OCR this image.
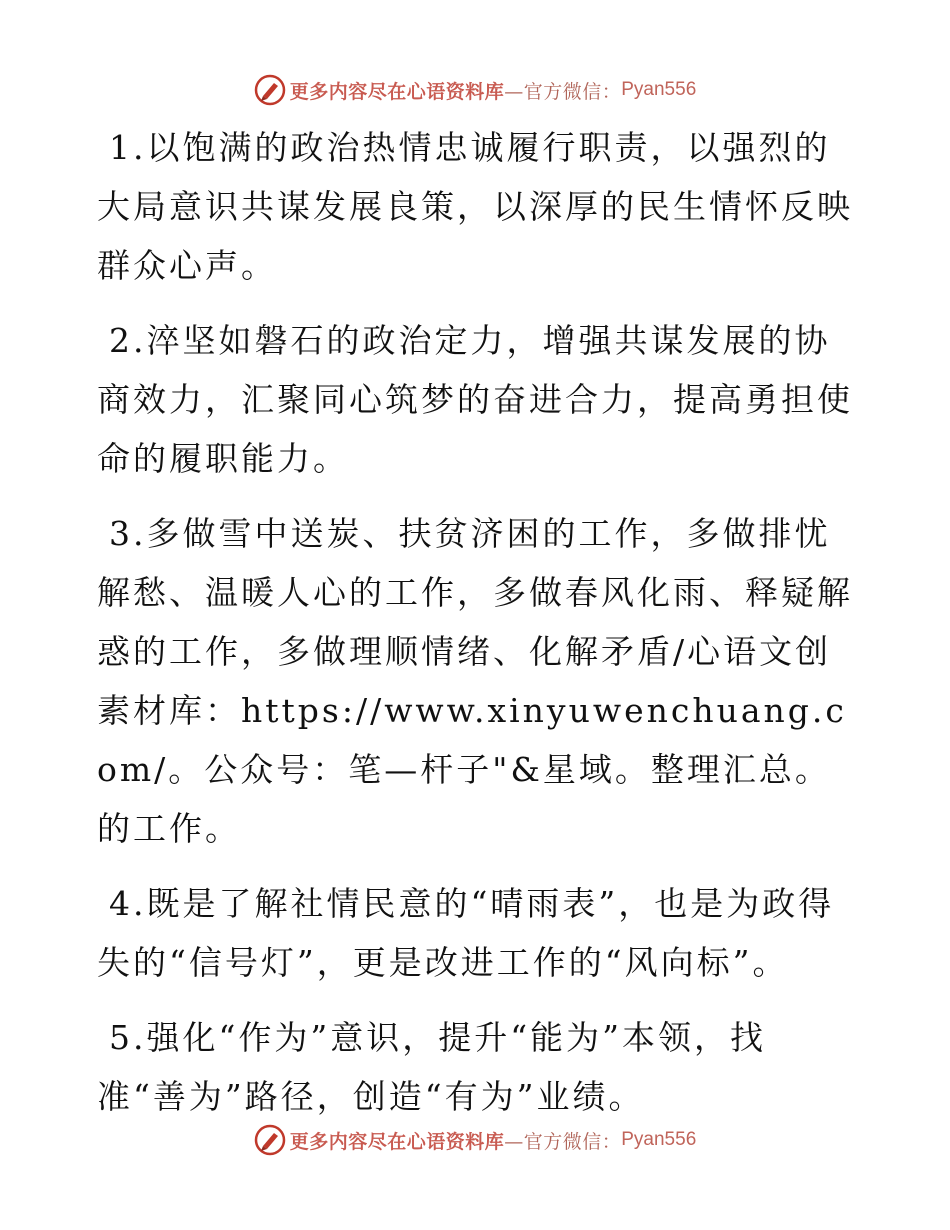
更多内容尽在心语资料库 —官方微信： Pyan556

1.以饱满的政治热情忠诚履行职责，以强烈的大局意识共谋发展良策，以深厚的民生情怀反映群众心声。

2.淬坚如磐石的政治定力，增强共谋发展的协商效力，汇聚同心筑梦的奋进合力，提高勇担使命的履职能力。

3.多做雪中送炭、扶贫济困的工作，多做排忧解愁、温暖人心的工作，多做春风化雨、释疑解惑的工作，多做理顺情绪、化解矛盾/心语文创素材库：https://www.xinyuwenchuang.com/。公众号：笔—杆子"&星域。整理汇总。的工作。

4.既是了解社情民意的“晴雨表”，也是为政得失的“信号灯”，更是改进工作的“风向标”。

5.强化“作为”意识，提升“能为”本领，找准“善为”路径，创造“有为”业绩。

更多内容尽在心语资料库 —官方微信： Pyan556
